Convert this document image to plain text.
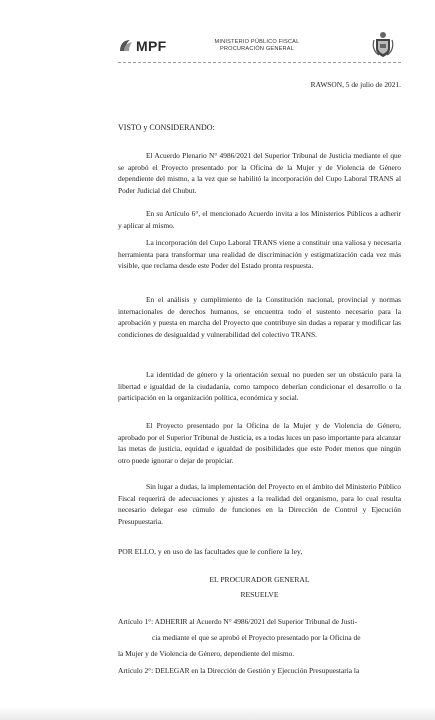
MPF	MINISTERIO PÚBLICO FISCAL
PROCURACIÓN GENERAL
RAWSON, 5 de julio de 2021.
VISTO y CONSIDERANDO:

El Acuerdo Plenario N° 4986/2021 del Superior Tribunal de Justicia mediante el que se aprobó el Proyecto presentado por la Oficina de la Mujer y de Violencia de Género dependiente del mismo, a la vez que se habilitó la incorporación del Cupo Laboral TRANS al Poder Judicial del Chubut.

En su Artículo 6°, el mencionado Acuerdo invita a los Ministerios Públicos a adherir y aplicar al mismo.

La incorporación del Cupo Laboral TRANS viene a constituir una valiosa y necesaria herramienta para transformar una realidad de discriminación y estigmatización cada vez más visible, que reclama desde este Poder del Estado pronta respuesta.

En el análisis y cumplimiento de la Constitución nacional, provincial y normas internacionales de derechos humanos, se encuentra todo el sustento necesario para la aprobación y puesta en marcha del Proyecto que contribuye sin dudas a reparar y modificar las condiciones de desigualdad y vulnerabilidad del colectivo TRANS.

La identidad de género y la orientación sexual no pueden ser un obstáculo para la libertad e igualdad de la ciudadanía, como tampoco deberían condicionar el desarrollo o la participación en la organización política, económica y social.

El Proyecto presentado por la Oficina de la Mujer y de Violencia de Género, aprobado por el Superior Tribunal de Justicia, es a todas luces un paso importante para alcanzar las metas de justicia, equidad e igualdad de posibilidades que este Poder menos que ningún otro puede ignorar o dejar de propiciar.

Sin lugar a dudas, la implementación del Proyecto en el ámbito del Ministerio Público Fiscal requerirá de adecuaciones y ajustes a la realidad del organismo, para lo cual resulta necesario delegar ese cúmulo de funciones en la Dirección de Control y Ejecución Presupuestaria.

POR ELLO, y en uso de las facultades que le confiere la ley,
EL PROCURADOR GENERAL
RESUELVE
Artículo 1°: ADHERIR al Acuerdo N° 4986/2021 del Superior Tribunal de Justi-
cia mediante el que se aprobó el Proyecto presentado por la Oficina de
la Mujer y de Violencia de Género, dependiente del mismo.
Artículo 2°: DELEGAR en la Dirección de Gestión y Ejecución Presupuestaria la
